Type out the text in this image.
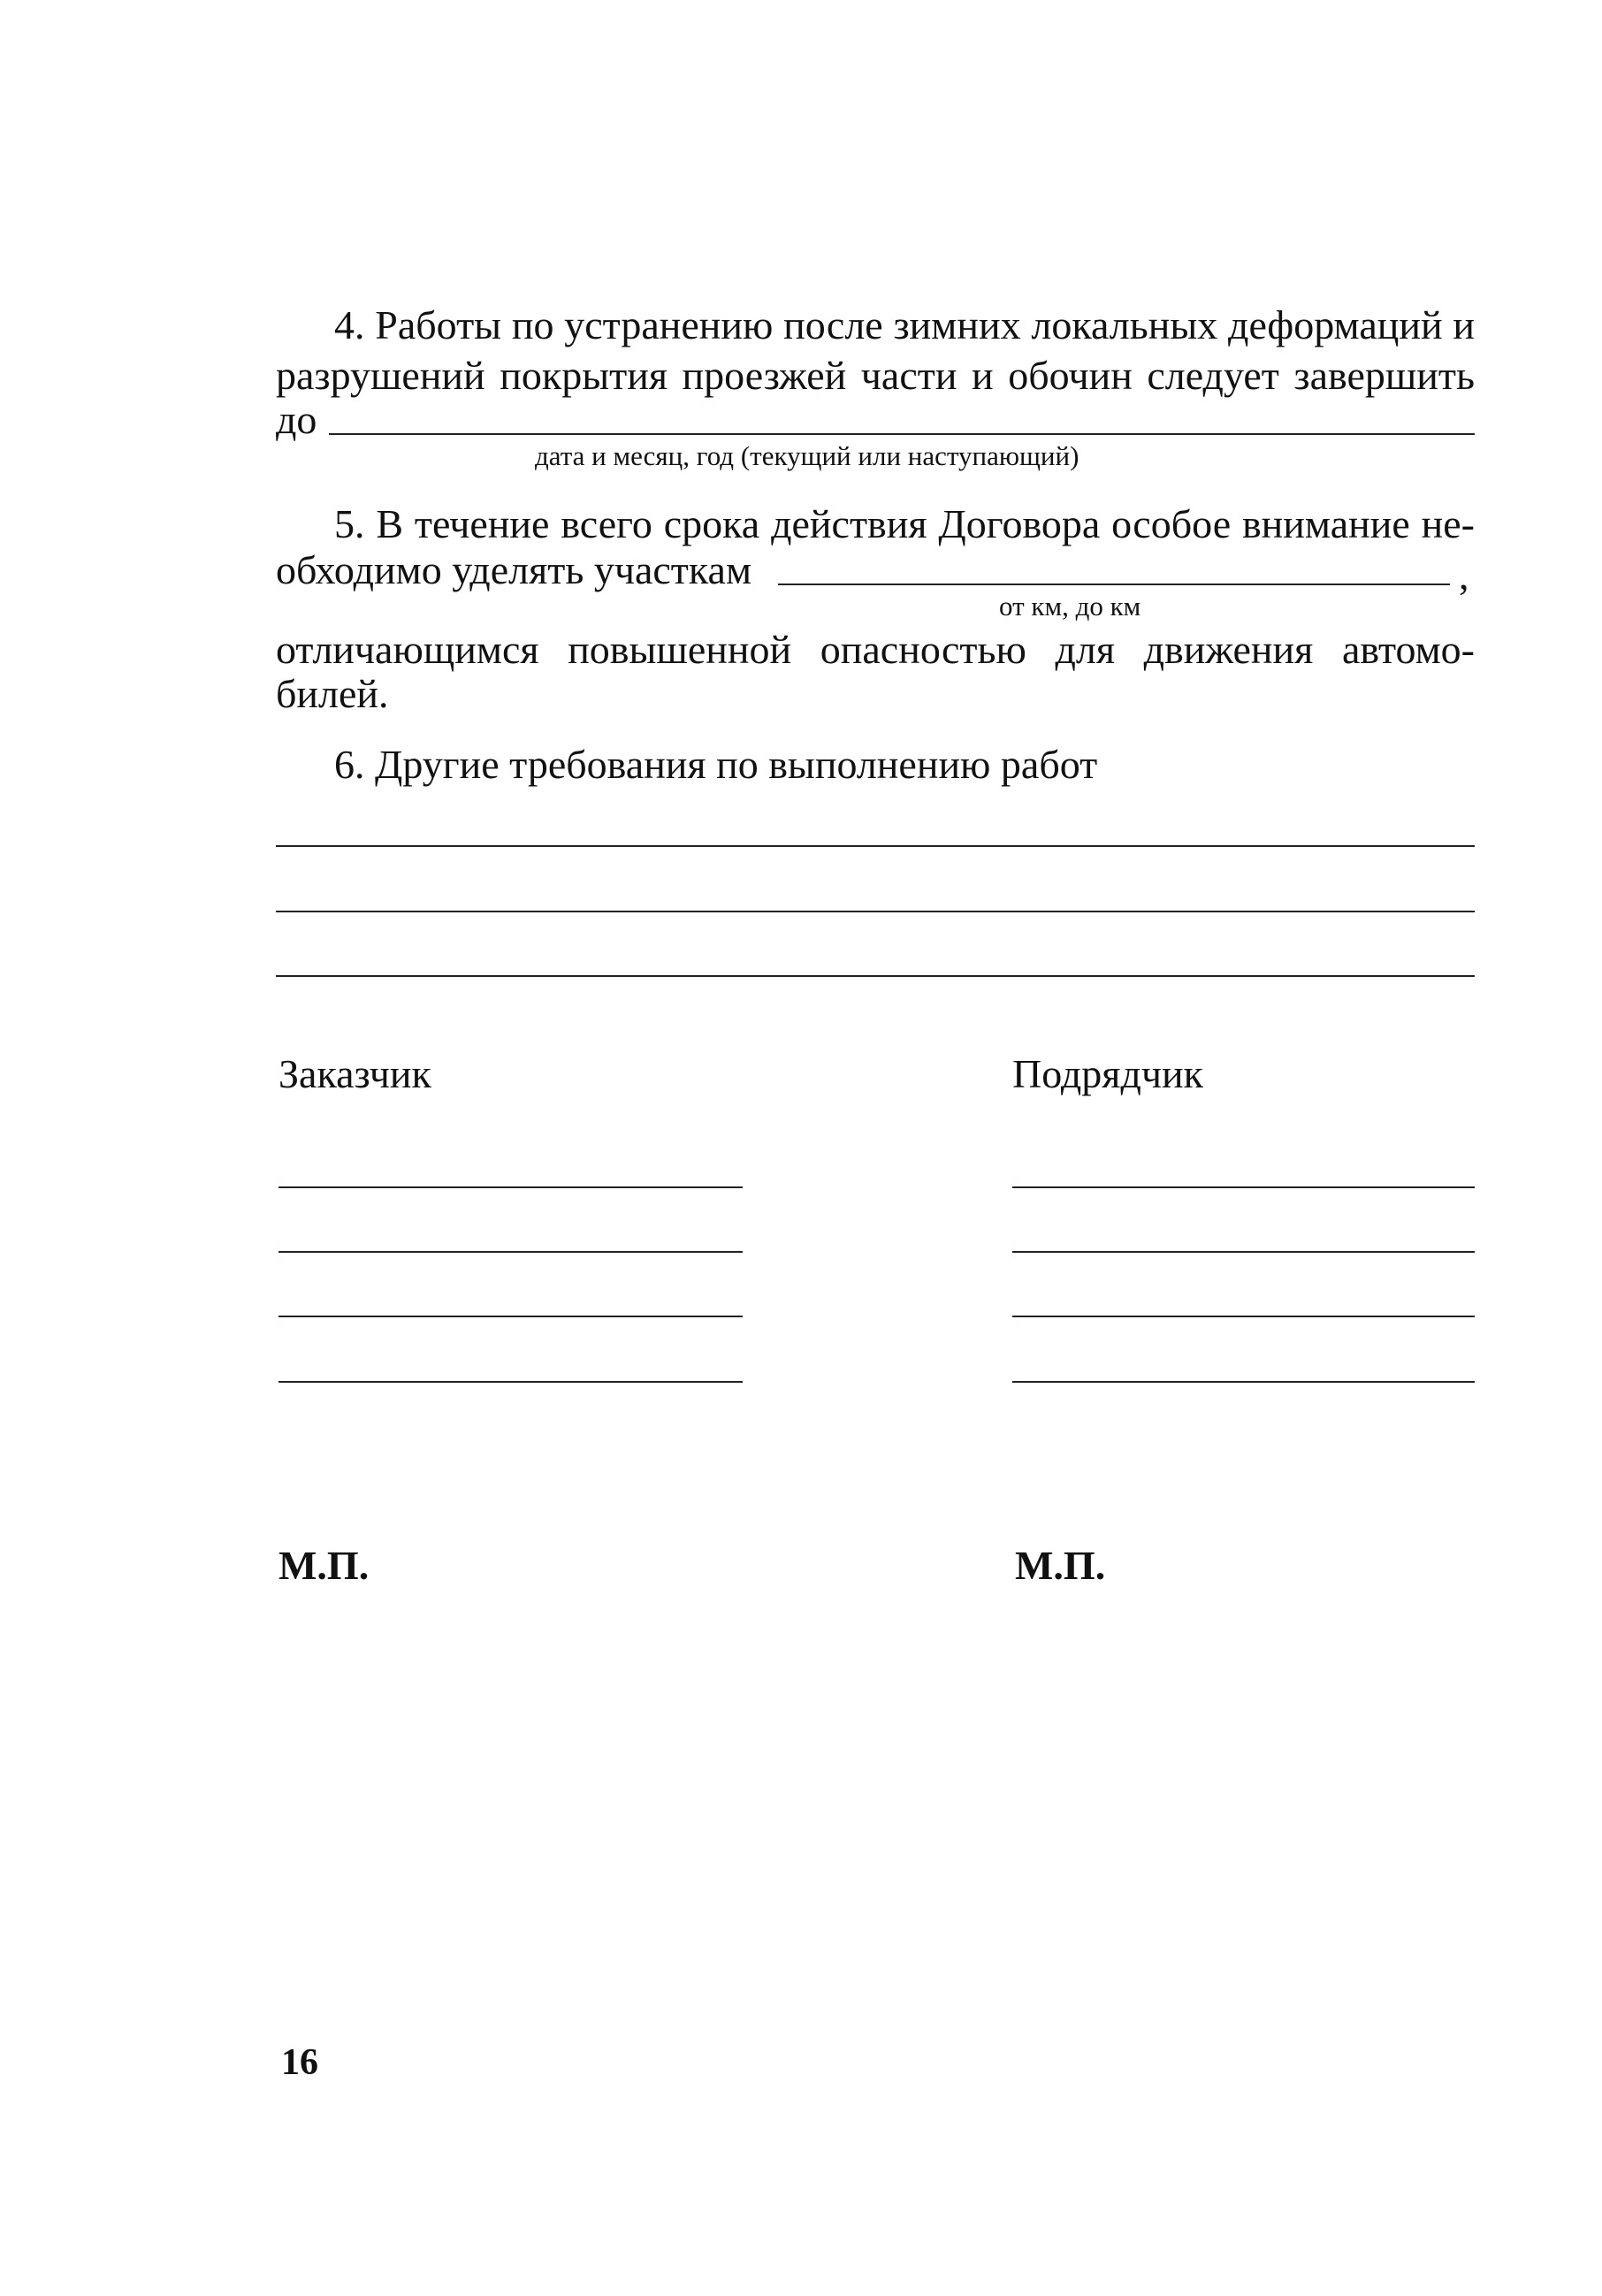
4. Работы по устранению после зимних локальных деформаций и
разрушений покрытия проезжей части и обочин следует завершить
до
дата и месяц, год (текущий или наступающий)
5. В течение всего срока действия Договора особое внимание не-
обходимо уделять участкам	,
от км, до км
отличающимся повышенной опасностью для движения автомо-
билей.
6. Другие требования по выполнению работ
Заказчик	Подрядчик
М.П.	М.П.
16
